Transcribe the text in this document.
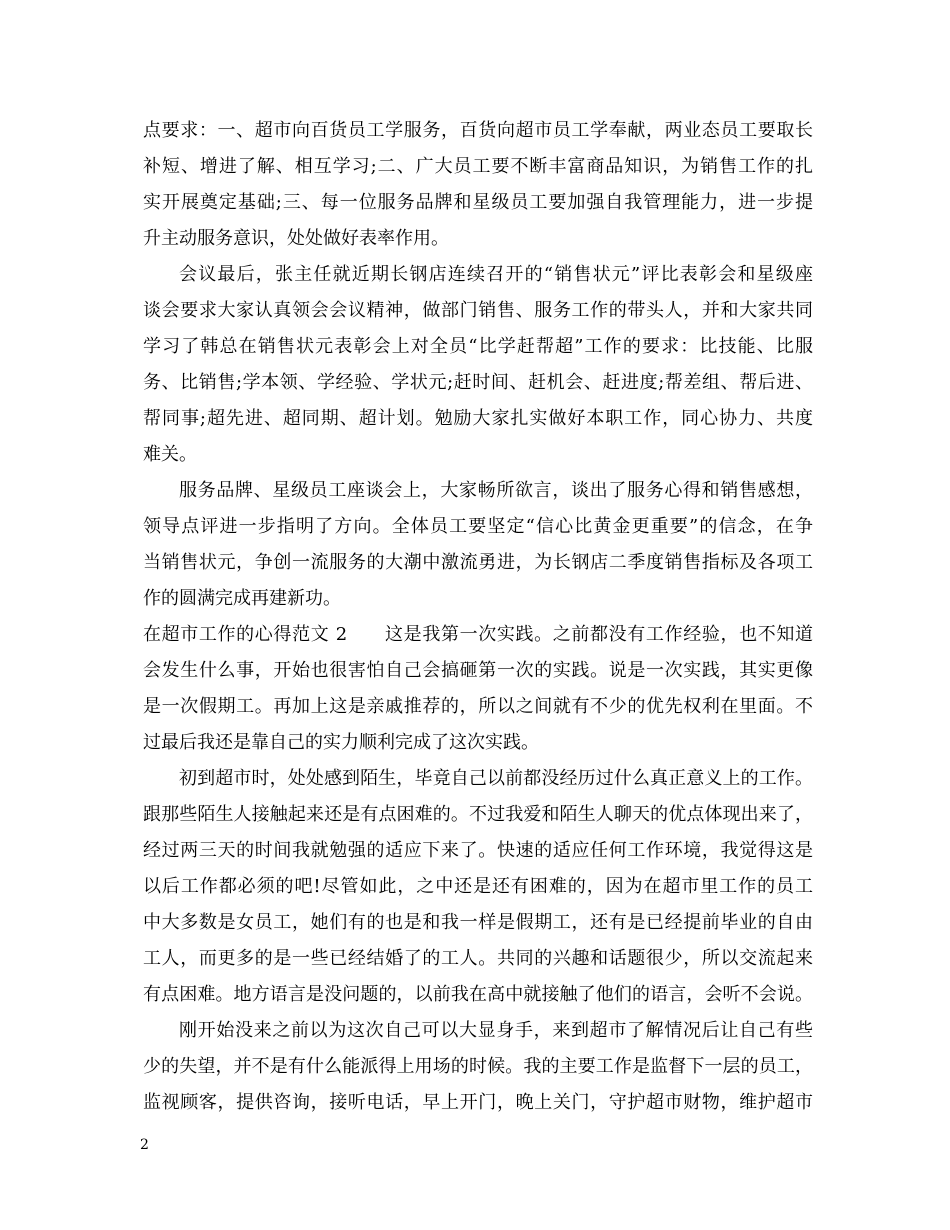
点要求：一、超市向百货员工学服务，百货向超市员工学奉献，两业态员工要取长
补短、增进了解、相互学习;二、广大员工要不断丰富商品知识，为销售工作的扎
实开展奠定基础;三、每一位服务品牌和星级员工要加强自我管理能力，进一步提
升主动服务意识，处处做好表率作用。
会议最后，张主任就近期长钢店连续召开的“销售状元”评比表彰会和星级座
谈会要求大家认真领会会议精神，做部门销售、服务工作的带头人，并和大家共同
学习了韩总在销售状元表彰会上对全员“比学赶帮超”工作的要求：比技能、比服
务、比销售;学本领、学经验、学状元;赶时间、赶机会、赶进度;帮差组、帮后进、
帮同事;超先进、超同期、超计划。勉励大家扎实做好本职工作，同心协力、共度
难关。
服务品牌、星级员工座谈会上，大家畅所欲言，谈出了服务心得和销售感想，
领导点评进一步指明了方向。全体员工要坚定“信心比黄金更重要”的信念，在争
当销售状元，争创一流服务的大潮中激流勇进，为长钢店二季度销售指标及各项工
作的圆满完成再建新功。
在超市工作的心得范文 2　　这是我第一次实践。之前都没有工作经验，也不知道
会发生什么事，开始也很害怕自己会搞砸第一次的实践。说是一次实践，其实更像
是一次假期工。再加上这是亲戚推荐的，所以之间就有不少的优先权利在里面。不
过最后我还是靠自己的实力顺利完成了这次实践。
初到超市时，处处感到陌生，毕竟自己以前都没经历过什么真正意义上的工作。
跟那些陌生人接触起来还是有点困难的。不过我爱和陌生人聊天的优点体现出来了，
经过两三天的时间我就勉强的适应下来了。快速的适应任何工作环境，我觉得这是
以后工作都必须的吧!尽管如此，之中还是还有困难的，因为在超市里工作的员工
中大多数是女员工，她们有的也是和我一样是假期工，还有是已经提前毕业的自由
工人，而更多的是一些已经结婚了的工人。共同的兴趣和话题很少，所以交流起来
有点困难。地方语言是没问题的，以前我在高中就接触了他们的语言，会听不会说。
刚开始没来之前以为这次自己可以大显身手，来到超市了解情况后让自己有些
少的失望，并不是有什么能派得上用场的时候。我的主要工作是监督下一层的员工，
监视顾客，提供咨询，接听电话，早上开门，晚上关门，守护超市财物，维护超市
2
